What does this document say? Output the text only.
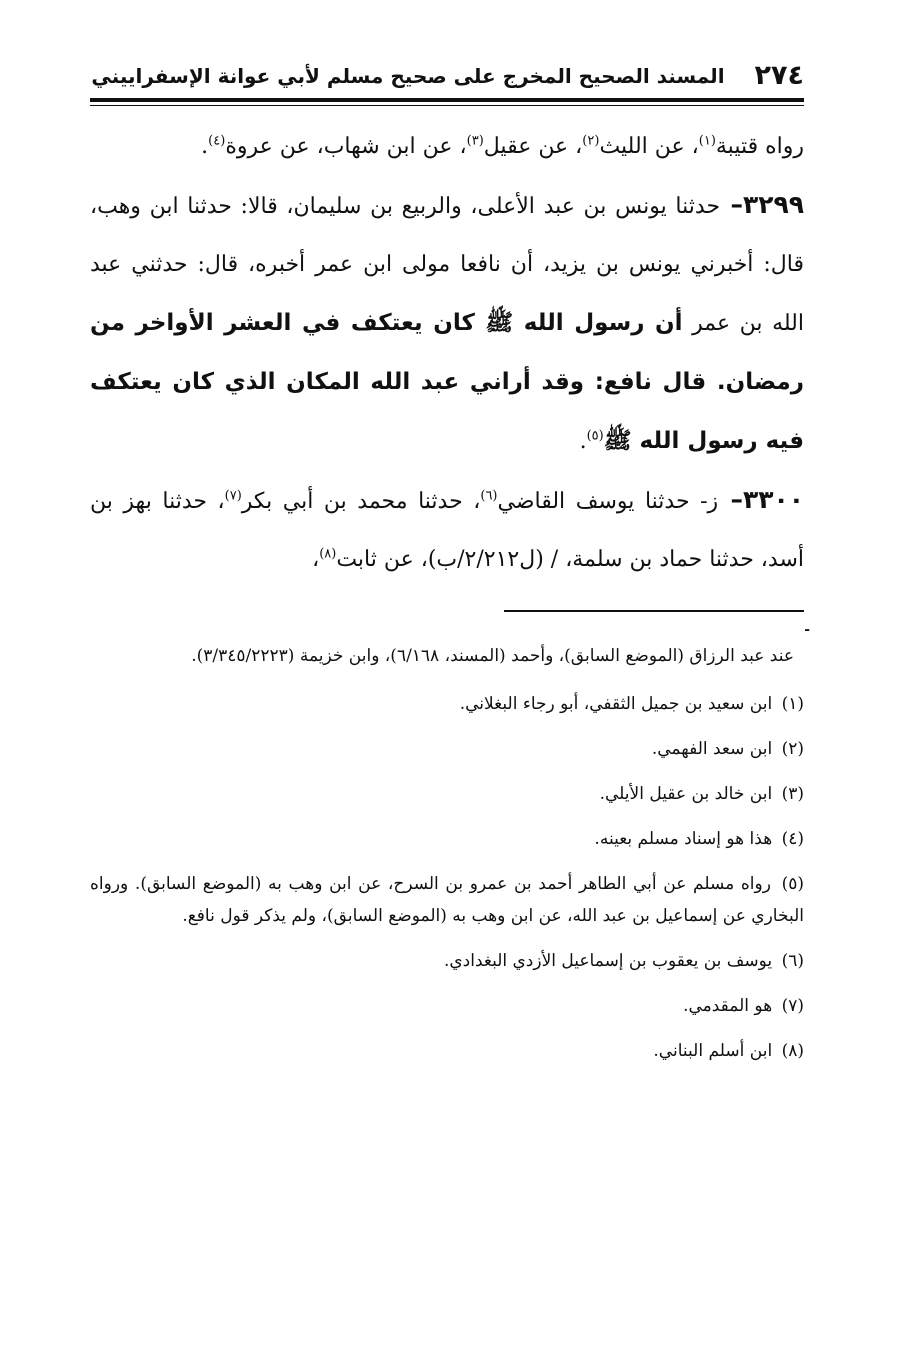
٢٧٤
المسند الصحيح المخرج على صحيح مسلم لأبي عوانة الإسفراييني

رواه قتيبة$^{(١)}$، عن الليث$^{(٢)}$، عن عقيل$^{(٣)}$، عن ابن شهاب، عن عروة$^{(٤)}$.

٣٢٩٩– حدثنا يونس بن عبد الأعلى، والربيع بن سليمان، قالا: حدثنا ابن وهب، قال: أخبرني يونس بن يزيد، أن نافعا مولى ابن عمر أخبره، قال: حدثني عبد الله بن عمر أن رسول الله ﷺ كان يعتكف في العشر الأواخر من رمضان. قال نافع: وقد أراني عبد الله المكان الذي كان يعتكف فيه رسول الله ﷺ$^{(٥)}$.

٣٣٠٠– ز- حدثنا يوسف القاضي$^{(٦)}$، حدثنا محمد بن أبي بكر$^{(٧)}$، حدثنا بهز بن أسد، حدثنا حماد بن سلمة، / (ل٢/٢١٢/ب)، عن ثابت$^{(٨)}$،

-

عند عبد الرزاق (الموضع السابق)، وأحمد (المسند، ٦/١٦٨)، وابن خزيمة (٣/٣٤٥/٢٢٢٣).

(١) ابن سعيد بن جميل الثقفي، أبو رجاء البغلاني.

(٢) ابن سعد الفهمي.

(٣) ابن خالد بن عقيل الأيلي.

(٤) هذا هو إسناد مسلم بعينه.

(٥) رواه مسلم عن أبي الطاهر أحمد بن عمرو بن السرح، عن ابن وهب به (الموضع السابق). ورواه البخاري عن إسماعيل بن عبد الله، عن ابن وهب به (الموضع السابق)، ولم يذكر قول نافع.

(٦) يوسف بن يعقوب بن إسماعيل الأزدي البغدادي.

(٧) هو المقدمي.

(٨) ابن أسلم البناني.
